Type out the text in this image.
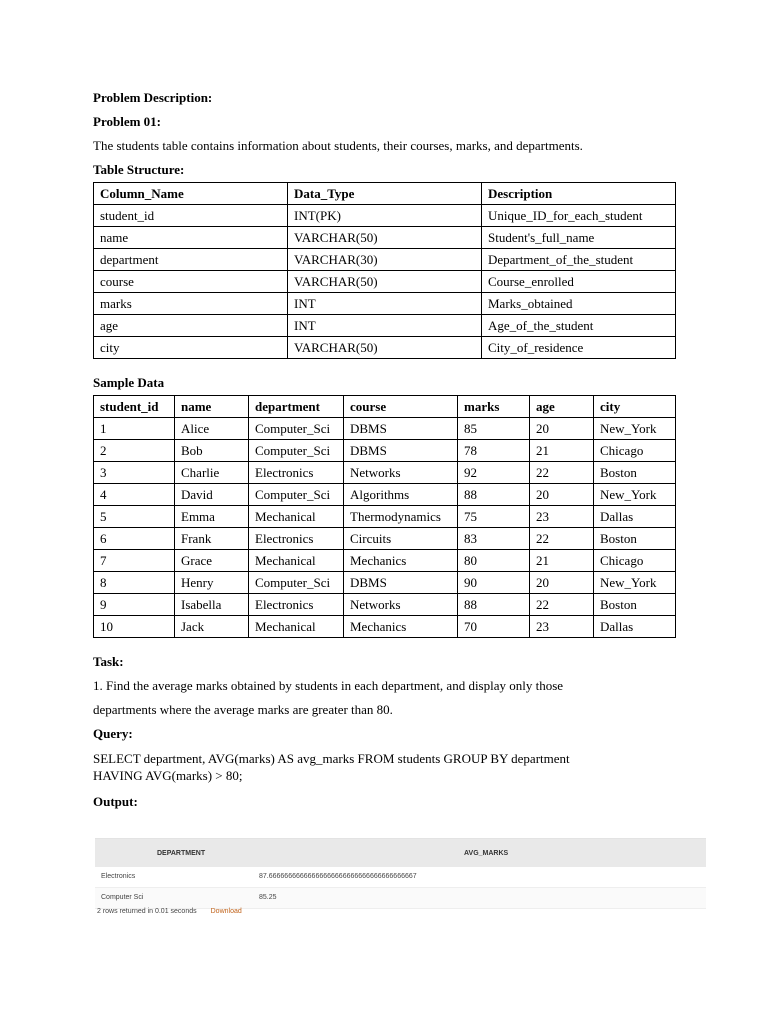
Problem Description:

Problem 01:

The students table contains information about students, their courses, marks, and departments.

Table Structure:

Column_Name	Data_Type	Description
student_id	INT(PK)	Unique_ID_for_each_student
name	VARCHAR(50)	Student's_full_name
department	VARCHAR(30)	Department_of_the_student
course	VARCHAR(50)	Course_enrolled
marks	INT	Marks_obtained
age	INT	Age_of_the_student
city	VARCHAR(50)	City_of_residence

Sample Data

student_id	name	department	course	marks	age	city
1	Alice	Computer_Sci	DBMS	85	20	New_York
2	Bob	Computer_Sci	DBMS	78	21	Chicago
3	Charlie	Electronics	Networks	92	22	Boston
4	David	Computer_Sci	Algorithms	88	20	New_York
5	Emma	Mechanical	Thermodynamics	75	23	Dallas
6	Frank	Electronics	Circuits	83	22	Boston
7	Grace	Mechanical	Mechanics	80	21	Chicago
8	Henry	Computer_Sci	DBMS	90	20	New_York
9	Isabella	Electronics	Networks	88	22	Boston
10	Jack	Mechanical	Mechanics	70	23	Dallas

Task:

1. Find the average marks obtained by students in each department, and display only those

departments where the average marks are greater than 80.

Query:

SELECT department, AVG(marks) AS avg_marks FROM students GROUP BY department
HAVING AVG(marks) > 80;

Output:

DEPARTMENT	AVG_MARKS
Electronics	87.66666666666666666666666666666666666667
Computer Sci	85.25
2 rows returned in 0.01 seconds Download
